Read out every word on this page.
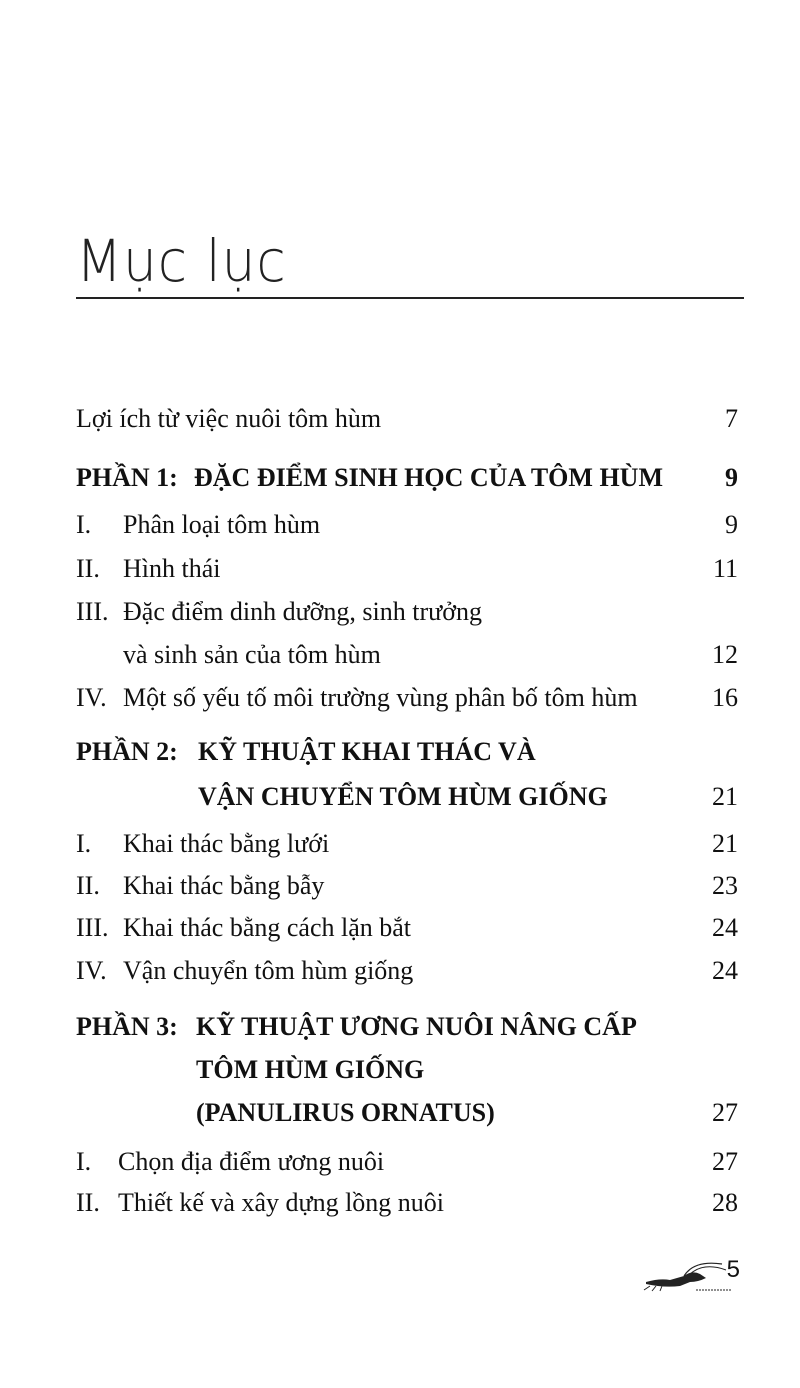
Mục lục
Lợi ích từ việc nuôi tôm hùm	7
PHẦN 1: ĐẶC ĐIỂM SINH HỌC CỦA TÔM HÙM 9
I. Phân loại tôm hùm	9
II. Hình thái	11
III. Đặc điểm dinh dưỡng, sinh trưởng
và sinh sản của tôm hùm	12
IV. Một số yếu tố môi trường vùng phân bố tôm hùm	16
PHẦN 2: KỸ THUẬT KHAI THÁC VÀ
VẬN CHUYỂN TÔM HÙM GIỐNG	21
I. Khai thác bằng lưới	21
II. Khai thác bằng bẫy	23
III. Khai thác bằng cách lặn bắt	24
IV. Vận chuyển tôm hùm giống	24
PHẦN 3: KỸ THUẬT ƯƠNG NUÔI NÂNG CẤP
TÔM HÙM GIỐNG
(PANULIRUS ORNATUS)	27
I. Chọn địa điểm ương nuôi	27
II. Thiết kế và xây dựng lồng nuôi	28
5
